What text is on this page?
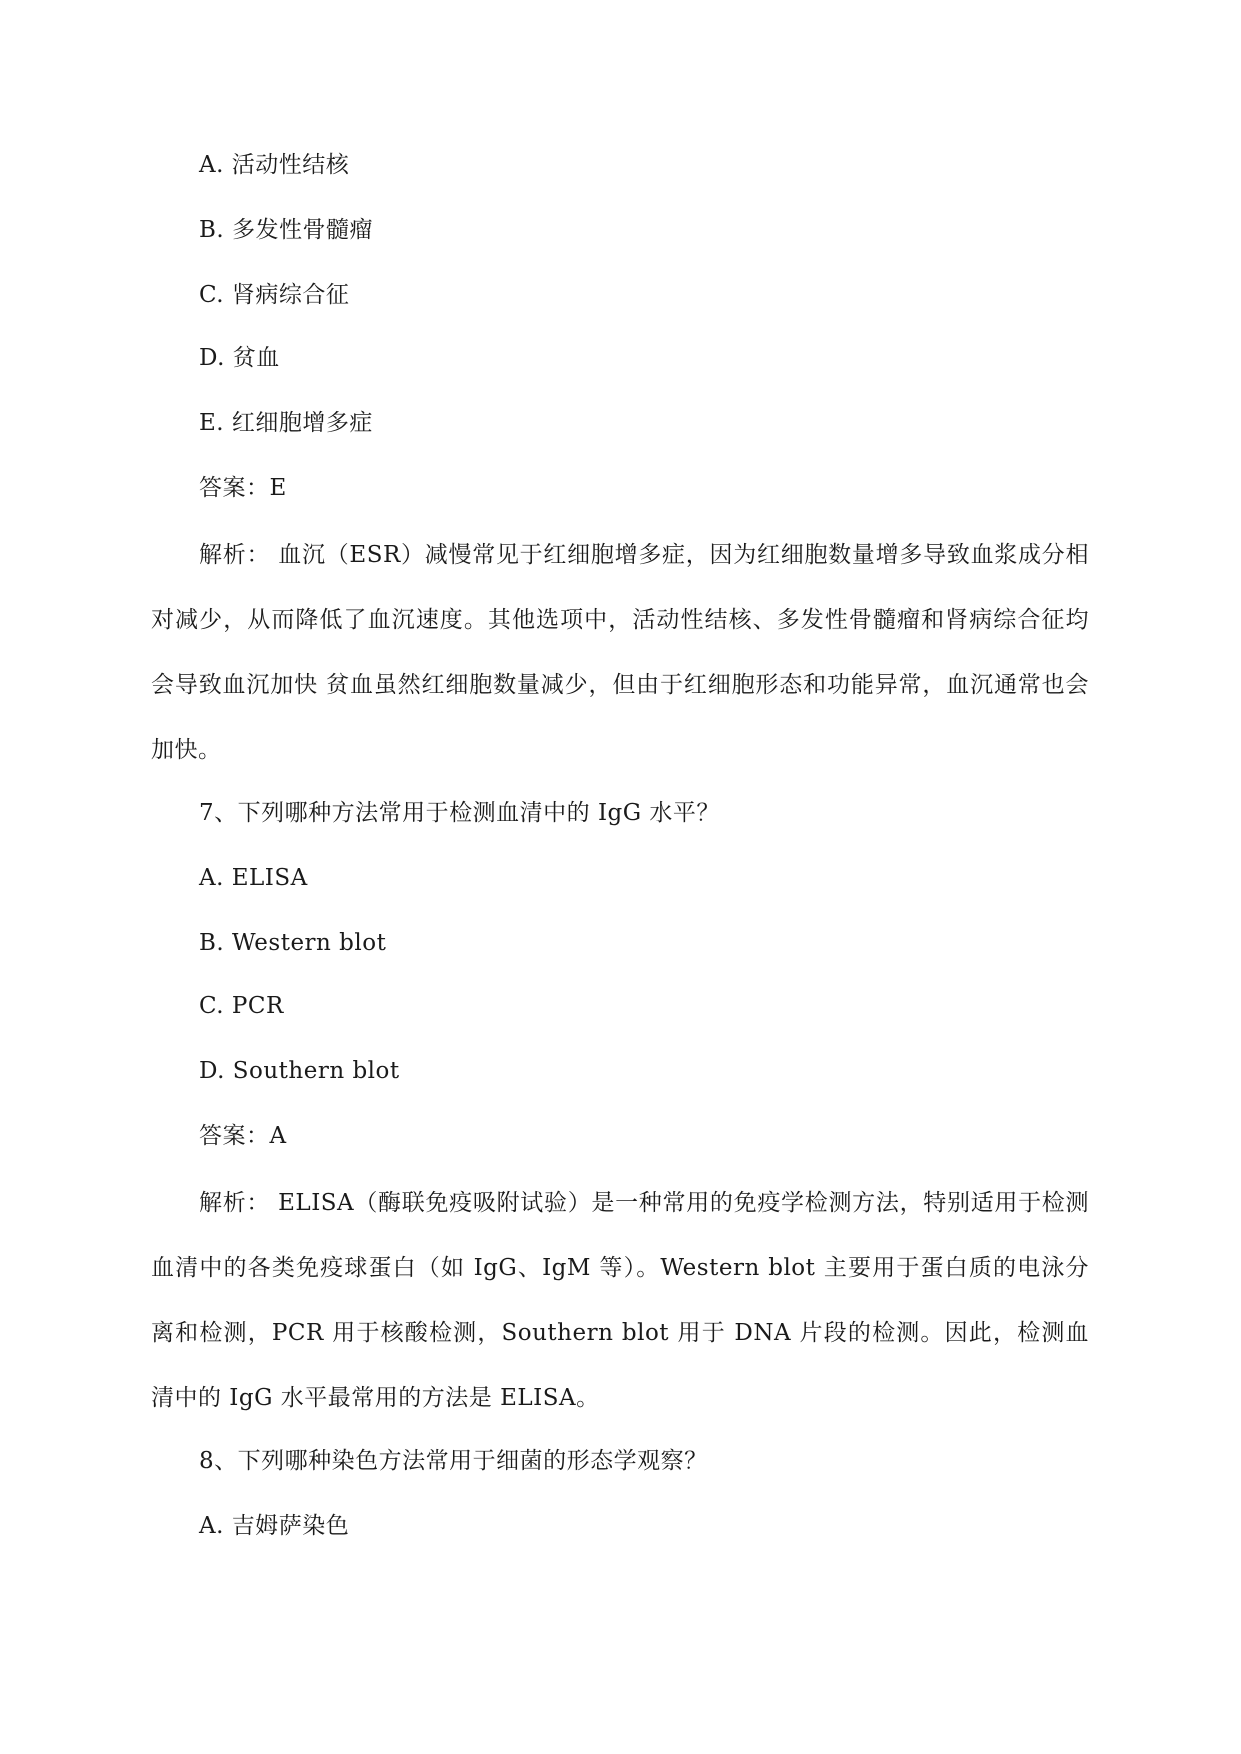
A. 活动性结核
B. 多发性骨髓瘤
C. 肾病综合征
D. 贫血
E. 红细胞增多症
答案：E
解析： 血沉（ESR）减慢常见于红细胞增多症，因为红细胞数量增多导致血浆成分相对减少，从而降低了血沉速度。其他选项中，活动性结核、多发性骨髓瘤和肾病综合征均会导致血沉加快 贫血虽然红细胞数量减少，但由于红细胞形态和功能异常，血沉通常也会加快。
7、下列哪种方法常用于检测血清中的 IgG 水平？
A. ELISA
B. Western blot
C. PCR
D. Southern blot
答案：A
解析： ELISA（酶联免疫吸附试验）是一种常用的免疫学检测方法，特别适用于检测血清中的各类免疫球蛋白（如 IgG、IgM 等）。Western blot 主要用于蛋白质的电泳分离和检测，PCR 用于核酸检测，Southern blot 用于 DNA 片段的检测。因此，检测血清中的 IgG 水平最常用的方法是 ELISA。
8、下列哪种染色方法常用于细菌的形态学观察？
A. 吉姆萨染色
